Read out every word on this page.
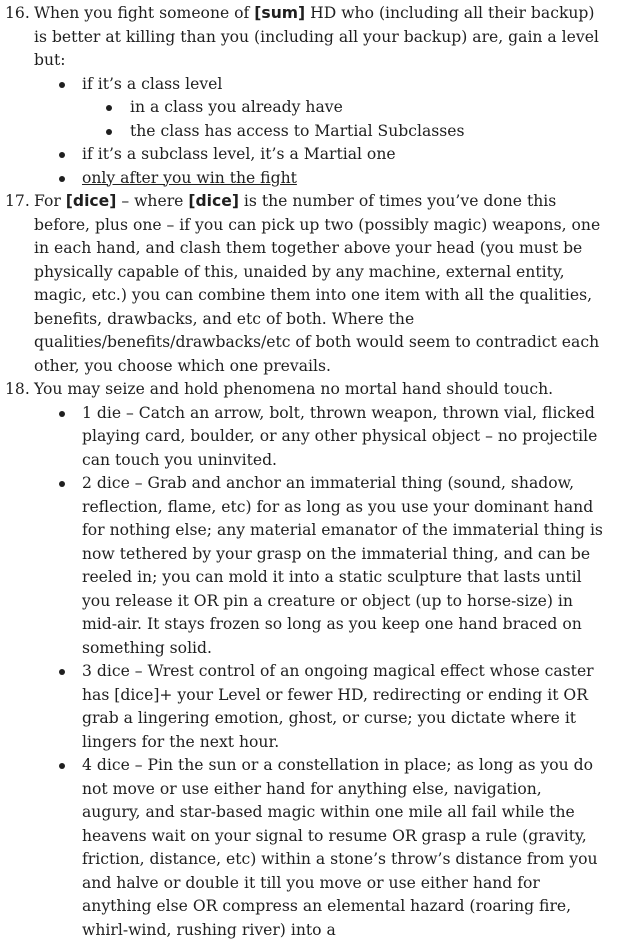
16. When you fight someone of [sum] HD who (including all their backup) is better at killing than you (including all your backup) are, gain a level but:
if it’s a class level
in a class you already have
the class has access to Martial Subclasses
if it’s a subclass level, it’s a Martial one
only after you win the fight
17. For [dice] – where [dice] is the number of times you’ve done this before, plus one – if you can pick up two (possibly magic) weapons, one in each hand, and clash them together above your head (you must be physically capable of this, unaided by any machine, external entity, magic, etc.) you can combine them into one item with all the qualities, benefits, drawbacks, and etc of both. Where the qualities/benefits/drawbacks/etc of both would seem to contradict each other, you choose which one prevails.
18. You may seize and hold phenomena no mortal hand should touch.
1 die – Catch an arrow, bolt, thrown weapon, thrown vial, flicked playing card, boulder, or any other physical object – no projectile can touch you uninvited.
2 dice – Grab and anchor an immaterial thing (sound, shadow, reflection, flame, etc) for as long as you use your dominant hand for nothing else; any material emanator of the immaterial thing is now tethered by your grasp on the immaterial thing, and can be reeled in; you can mold it into a static sculpture that lasts until you release it OR pin a creature or object (up to horse-size) in mid-air. It stays frozen so long as you keep one hand braced on something solid.
3 dice – Wrest control of an ongoing magical effect whose caster has [dice]+ your Level or fewer HD, redirecting or ending it OR grab a lingering emotion, ghost, or curse; you dictate where it lingers for the next hour.
4 dice – Pin the sun or a constellation in place; as long as you do not move or use either hand for anything else, navigation, augury, and star-based magic within one mile all fail while the heavens wait on your signal to resume OR grasp a rule (gravity, friction, distance, etc) within a stone’s throw’s distance from you and halve or double it till you move or use either hand for anything else OR compress an elemental hazard (roaring fire, whirl-wind, rushing river) into a
